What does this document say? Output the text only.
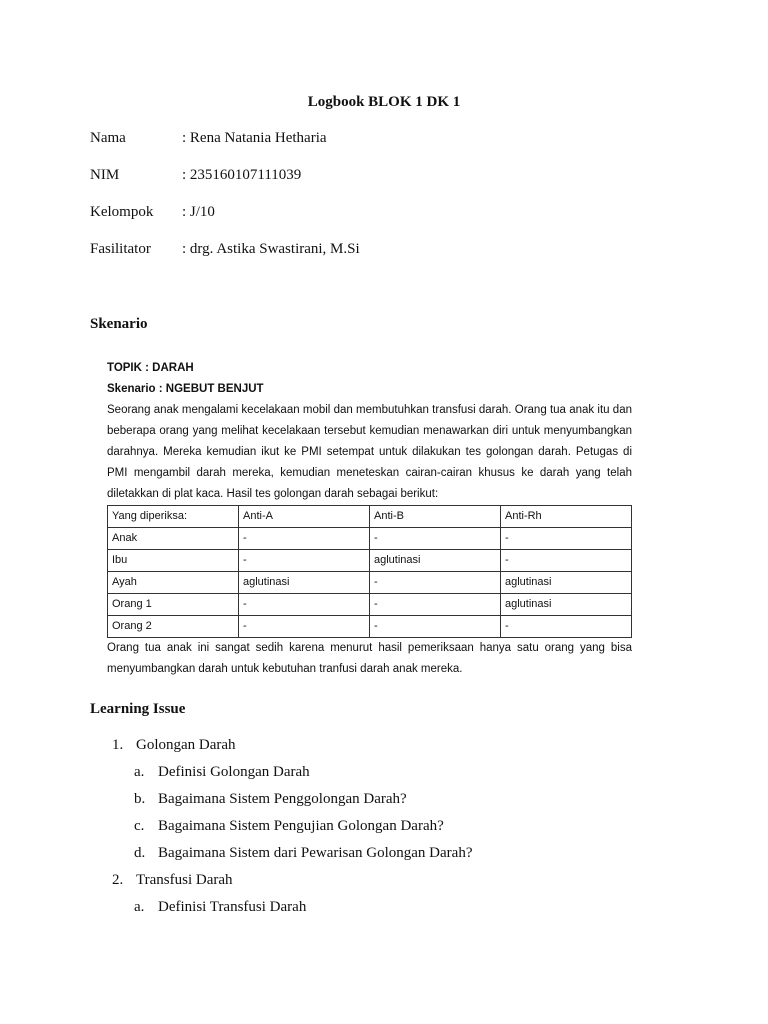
Logbook BLOK 1 DK 1
Nama	: Rena Natania Hetharia
NIM	: 235160107111039
Kelompok	: J/10
Fasilitator	: drg. Astika Swastirani, M.Si
Skenario
TOPIK : DARAH
Skenario : NGEBUT BENJUT

Seorang anak mengalami kecelakaan mobil dan membutuhkan transfusi darah. Orang tua anak itu dan beberapa orang yang melihat kecelakaan tersebut kemudian menawarkan diri untuk menyumbangkan darahnya. Mereka kemudian ikut ke PMI setempat untuk dilakukan tes golongan darah. Petugas di PMI mengambil darah mereka, kemudian meneteskan cairan-cairan khusus ke darah yang telah diletakkan di plat kaca. Hasil tes golongan darah sebagai berikut:

Yang diperiksa:	Anti-A	Anti-B	Anti-Rh
Anak	-	-	-
Ibu	-	aglutinasi	-
Ayah	aglutinasi	-	aglutinasi
Orang 1	-	-	aglutinasi
Orang 2	-	-	-

Orang tua anak ini sangat sedih karena menurut hasil pemeriksaan hanya satu orang yang bisa menyumbangkan darah untuk kebutuhan tranfusi darah anak mereka.

Learning Issue
1. Golongan Darah
a. Definisi Golongan Darah
b. Bagaimana Sistem Penggolongan Darah?
c. Bagaimana Sistem Pengujian Golongan Darah?
d. Bagaimana Sistem dari Pewarisan Golongan Darah?
2. Transfusi Darah
a. Definisi Transfusi Darah
